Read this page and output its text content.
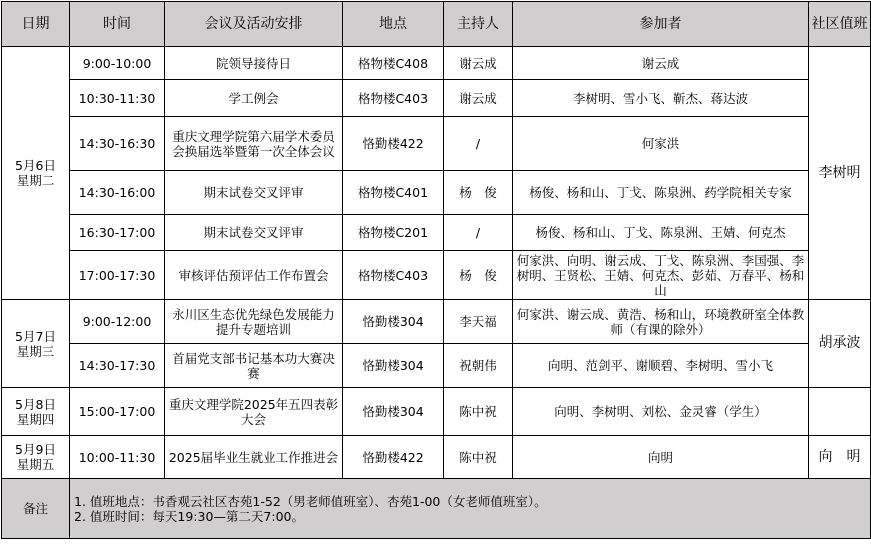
日期	时间	会议及活动安排	地点	主持人	参加者	社区值班

5月6日
星期二	9:00-10:00	院领导接待日	格物楼C408	谢云成	谢云成	李树明
	10:30-11:30	学工例会	格物楼C403	谢云成	李树明、雪小飞、靳杰、蒋达波	
	14:30-16:30	重庆文理学院第六届学术委员会换届选举暨第一次全体会议	恪勤楼422	/	何家洪	
	14:30-16:00	期末试卷交叉评审	格物楼C401	杨　俊	杨俊、杨和山、丁戈、陈泉洲、药学院相关专家	
	16:30-17:00	期末试卷交叉评审	格物楼C201	/	杨俊、杨和山、丁戈、陈泉洲、王婧、何克杰	
	17:00-17:30	审核评估预评估工作布置会	格物楼C403	杨　俊	何家洪、向明、谢云成、丁戈、陈泉洲、李国强、李树明、王贤松、王婧、何克杰、彭茹、万春平、杨和山	

5月7日
星期三	9:00-12:00	永川区生态优先绿色发展能力提升专题培训	恪勤楼304	李天福	何家洪、谢云成、黄浩、杨和山，环境教研室全体教师（有课的除外）	胡承波
	14:30-17:30	首届党支部书记基本功大赛决赛	恪勤楼304	祝朝伟	向明、范剑平、谢顺碧、李树明、雪小飞	

5月8日
星期四	15:00-17:00	重庆文理学院2025年五四表彰大会	恪勤楼304	陈中祝	向明、李树明、刘松、金灵睿（学生）	

5月9日
星期五	10:00-11:30	2025届毕业生就业工作推进会	恪勤楼422	陈中祝	向明	向　明
备注	1. 值班地点：书香观云社区杏苑1-52（男老师值班室）、杏苑1-00（女老师值班室）。
2. 值班时间：每天19:30—第二天7:00。					
